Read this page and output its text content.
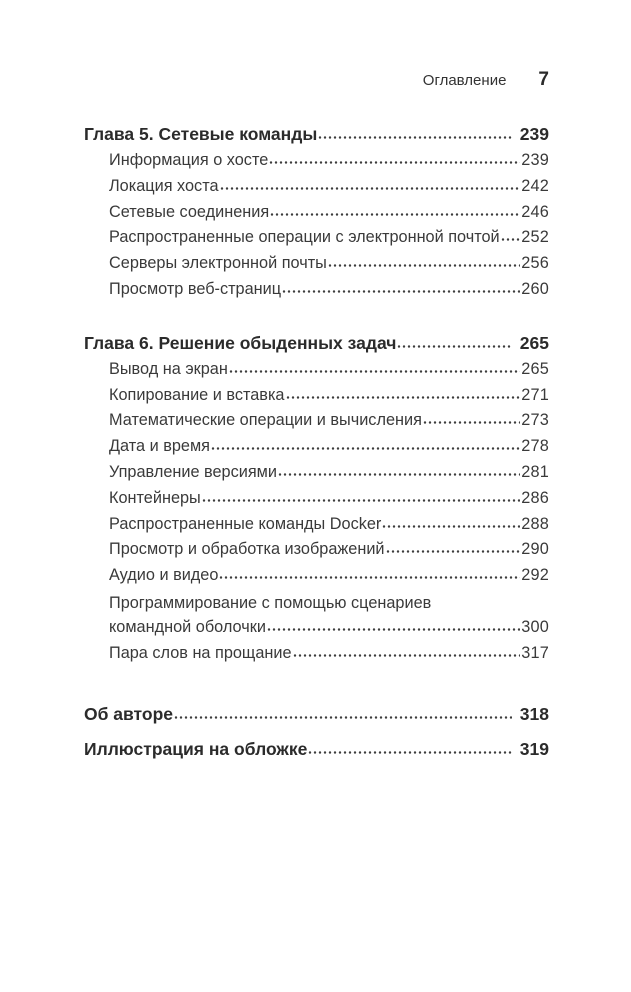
Оглавление 7
Глава 5. Сетевые команды	239
Информация о хосте	239
Локация хоста	242
Сетевые соединения	246
Распространенные операции с электронной почтой 252
Серверы электронной почты	256
Просмотр веб-страниц	260
Глава 6. Решение обыденных задач	265
Вывод на экран	265
Копирование и вставка	271
Математические операции и вычисления	273
Дата и время	278
Управление версиями	281
Контейнеры	286
Распространенные команды Docker	288
Просмотр и обработка изображений	290
Аудио и видео	292
Программирование с помощью сценариев
командной оболочки	300
Пара слов на прощание	317
Об авторе	318
Иллюстрация на обложке	319
